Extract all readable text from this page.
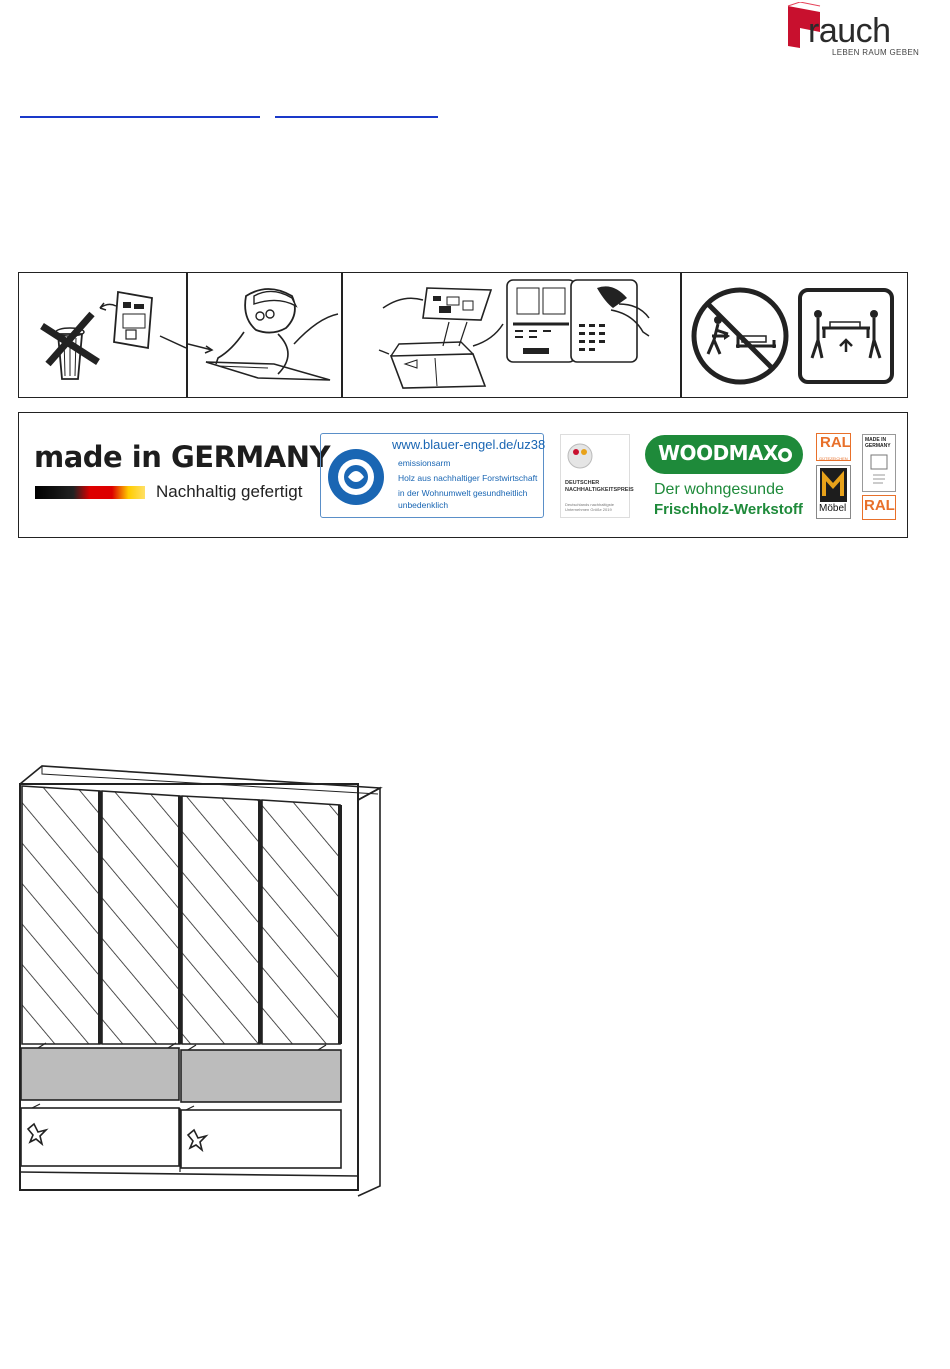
rauch
LEBEN RAUM GEBEN
made in GERMANY
Nachhaltig gefertigt
www.blauer-engel.de/uz38
emissionsarm
Holz aus nachhaltiger Forstwirtschaft
in der Wohnumwelt gesundheitlich
unbedenklich
DEUTSCHER NACHHALTIGKEITSPREIS
Deutschlands nachhaltigste Unternehmen Größe 2019
WOODMAX
Der wohngesunde
Frischholz-Werkstoff
RAL
GÜTEZEICHEN
Möbel
MADE IN GERMANY
RAL
